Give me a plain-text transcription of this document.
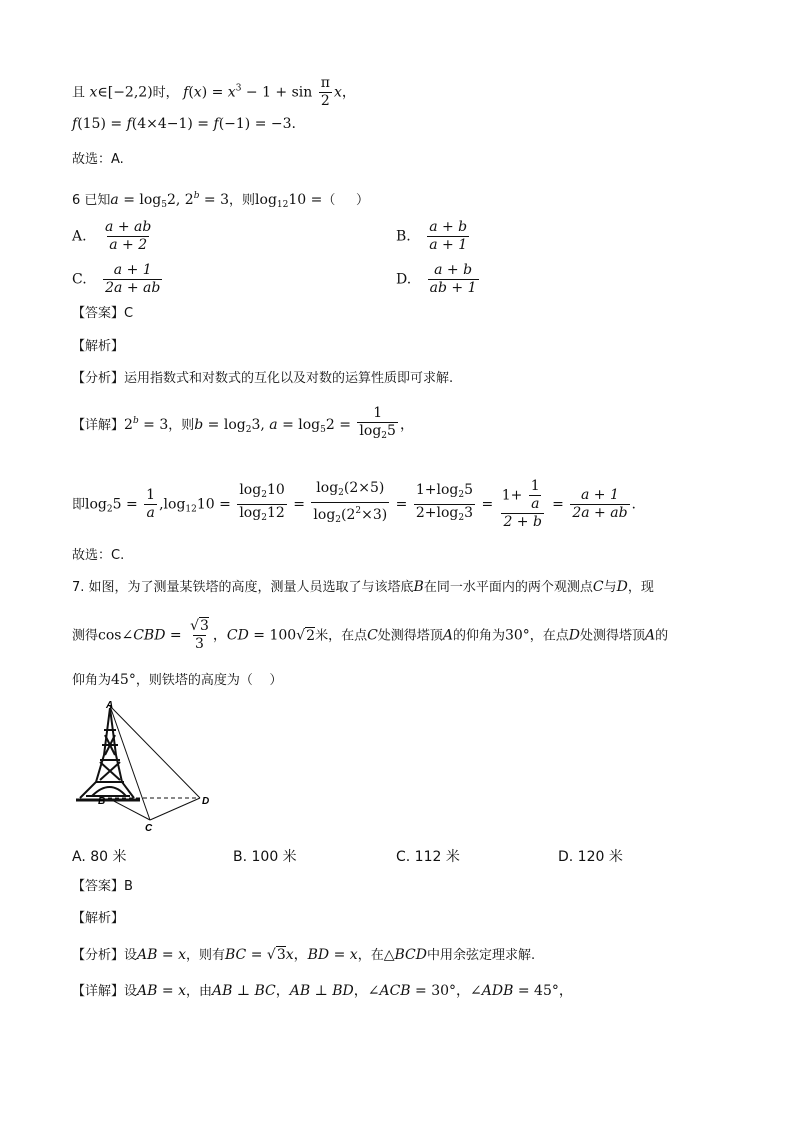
且 x∈[−2,2)时， $f(x) = x^3 - 1 + \sin \frac{\pi}{2}$ x，
f(15) = f(4×4−1) = f(−1) = −3.
故选：A.
6 已知$a = \log_52$, $2^b = 3$，则$\log_{12}10$ =（     ）
A. $\frac{a + ab}{a + 2}$	B. $\frac{a + b}{a + 1}$
C. $\frac{a + 1}{2a + ab}$	D. $\frac{a + b}{ab + 1}$
【答案】C
【解析】
【分析】运用指数式和对数式的互化以及对数的运算性质即可求解.
【详解】$2^b = 3$，则$b = \log_23$, $a = \log_52 = \frac{1}{\log_25}$ ，
即$\log_25 = \frac{1}{a} ,\log_{12}10 = \frac{\log_210}{\log_212} = \frac{\log_2(2\times 5)}{\log_2(2^2\times 3)} = \frac{1+\log_25}{2+\log_23} = \frac{1+ \frac{1}{a}}{2 + b} = \frac{a + 1}{2a + ab}$ .
故选：C.
7. 如图，为了测量某铁塔的高度，测量人员选取了与该塔底B在同一水平面内的两个观测点C与D，现
测得cos∠CBD = $\frac{√3}{3}$ ，CD = 100√2米，在点C处测得塔顶A的仰角为30°，在点D处测得塔顶A的
仰角为45°，则铁塔的高度为（    ）
A
B
C
D
A. 80 米	B. 100 米	C. 112 米	D. 120 米
【答案】B
【解析】
【分析】设AB = x，则有BC = √3x，BD = x，在△BCD中用余弦定理求解.
【详解】设AB = x，由AB ⊥ BC，AB ⊥ BD，∠ACB = 30°，∠ADB = 45°，
